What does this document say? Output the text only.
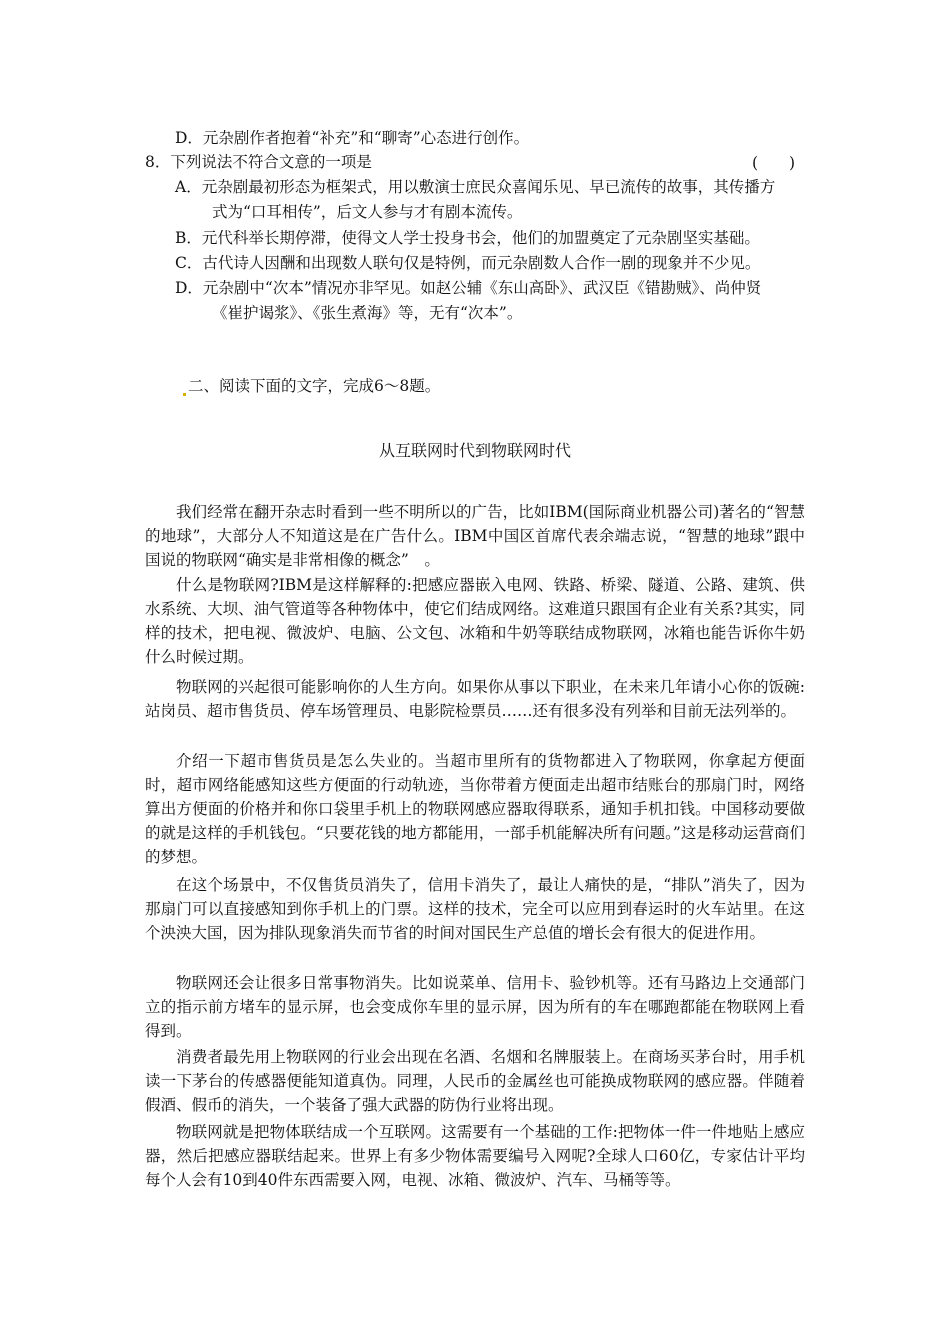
D．元杂剧作者抱着“补充”和“聊寄”心态进行创作。
8．下列说法不符合文意的一项是	(　　)
A．元杂剧最初形态为框架式，用以敷演士庶民众喜闻乐见、早已流传的故事，其传播方
式为“口耳相传”，后文人参与才有剧本流传。
B．元代科举长期停滞，使得文人学士投身书会，他们的加盟奠定了元杂剧坚实基础。
C．古代诗人因酬和出现数人联句仅是特例，而元杂剧数人合作一剧的现象并不少见。
D．元杂剧中“次本”情况亦非罕见。如赵公辅《东山高卧》、武汉臣《错勘贼》、尚仲贤
《崔护谒浆》、《张生煮海》等，无有“次本”。
二、阅读下面的文字，完成6～8题。
从互联网时代到物联网时代
我们经常在翻开杂志时看到一些不明所以的广告，比如IBM(国际商业机器公司)著名的“智慧的地球”，大部分人不知道这是在广告什么。IBM中国区首席代表余端志说，“智慧的地球”跟中国说的物联网“确实是非常相像的概念”　。
什么是物联网?IBM是这样解释的:把感应器嵌入电网、铁路、桥梁、隧道、公路、建筑、供水系统、大坝、油气管道等各种物体中，使它们结成网络。这难道只跟国有企业有关系?其实，同样的技术，把电视、微波炉、电脑、公文包、冰箱和牛奶等联结成物联网，冰箱也能告诉你牛奶什么时候过期。
物联网的兴起很可能影响你的人生方向。如果你从事以下职业，在未来几年请小心你的饭碗:站岗员、超市售货员、停车场管理员、电影院检票员……还有很多没有列举和目前无法列举的。
介绍一下超市售货员是怎么失业的。当超市里所有的货物都进入了物联网，你拿起方便面时，超市网络能感知这些方便面的行动轨迹，当你带着方便面走出超市结账台的那扇门时，网络算出方便面的价格并和你口袋里手机上的物联网感应器取得联系，通知手机扣钱。中国移动要做的就是这样的手机钱包。“只要花钱的地方都能用，一部手机能解决所有问题。”这是移动运营商们的梦想。
在这个场景中，不仅售货员消失了，信用卡消失了，最让人痛快的是，“排队”消失了，因为那扇门可以直接感知到你手机上的门票。这样的技术，完全可以应用到春运时的火车站里。在这个泱泱大国，因为排队现象消失而节省的时间对国民生产总值的增长会有很大的促进作用。
物联网还会让很多日常事物消失。比如说菜单、信用卡、验钞机等。还有马路边上交通部门立的指示前方堵车的显示屏，也会变成你车里的显示屏，因为所有的车在哪跑都能在物联网上看得到。
消费者最先用上物联网的行业会出现在名酒、名烟和名牌服装上。在商场买茅台时，用手机读一下茅台的传感器便能知道真伪。同理，人民币的金属丝也可能换成物联网的感应器。伴随着假酒、假币的消失，一个装备了强大武器的防伪行业将出现。
物联网就是把物体联结成一个互联网。这需要有一个基础的工作:把物体一件一件地贴上感应器，然后把感应器联结起来。世界上有多少物体需要编号入网呢?全球人口60亿，专家估计平均每个人会有10到40件东西需要入网，电视、冰箱、微波炉、汽车、马桶等等。
